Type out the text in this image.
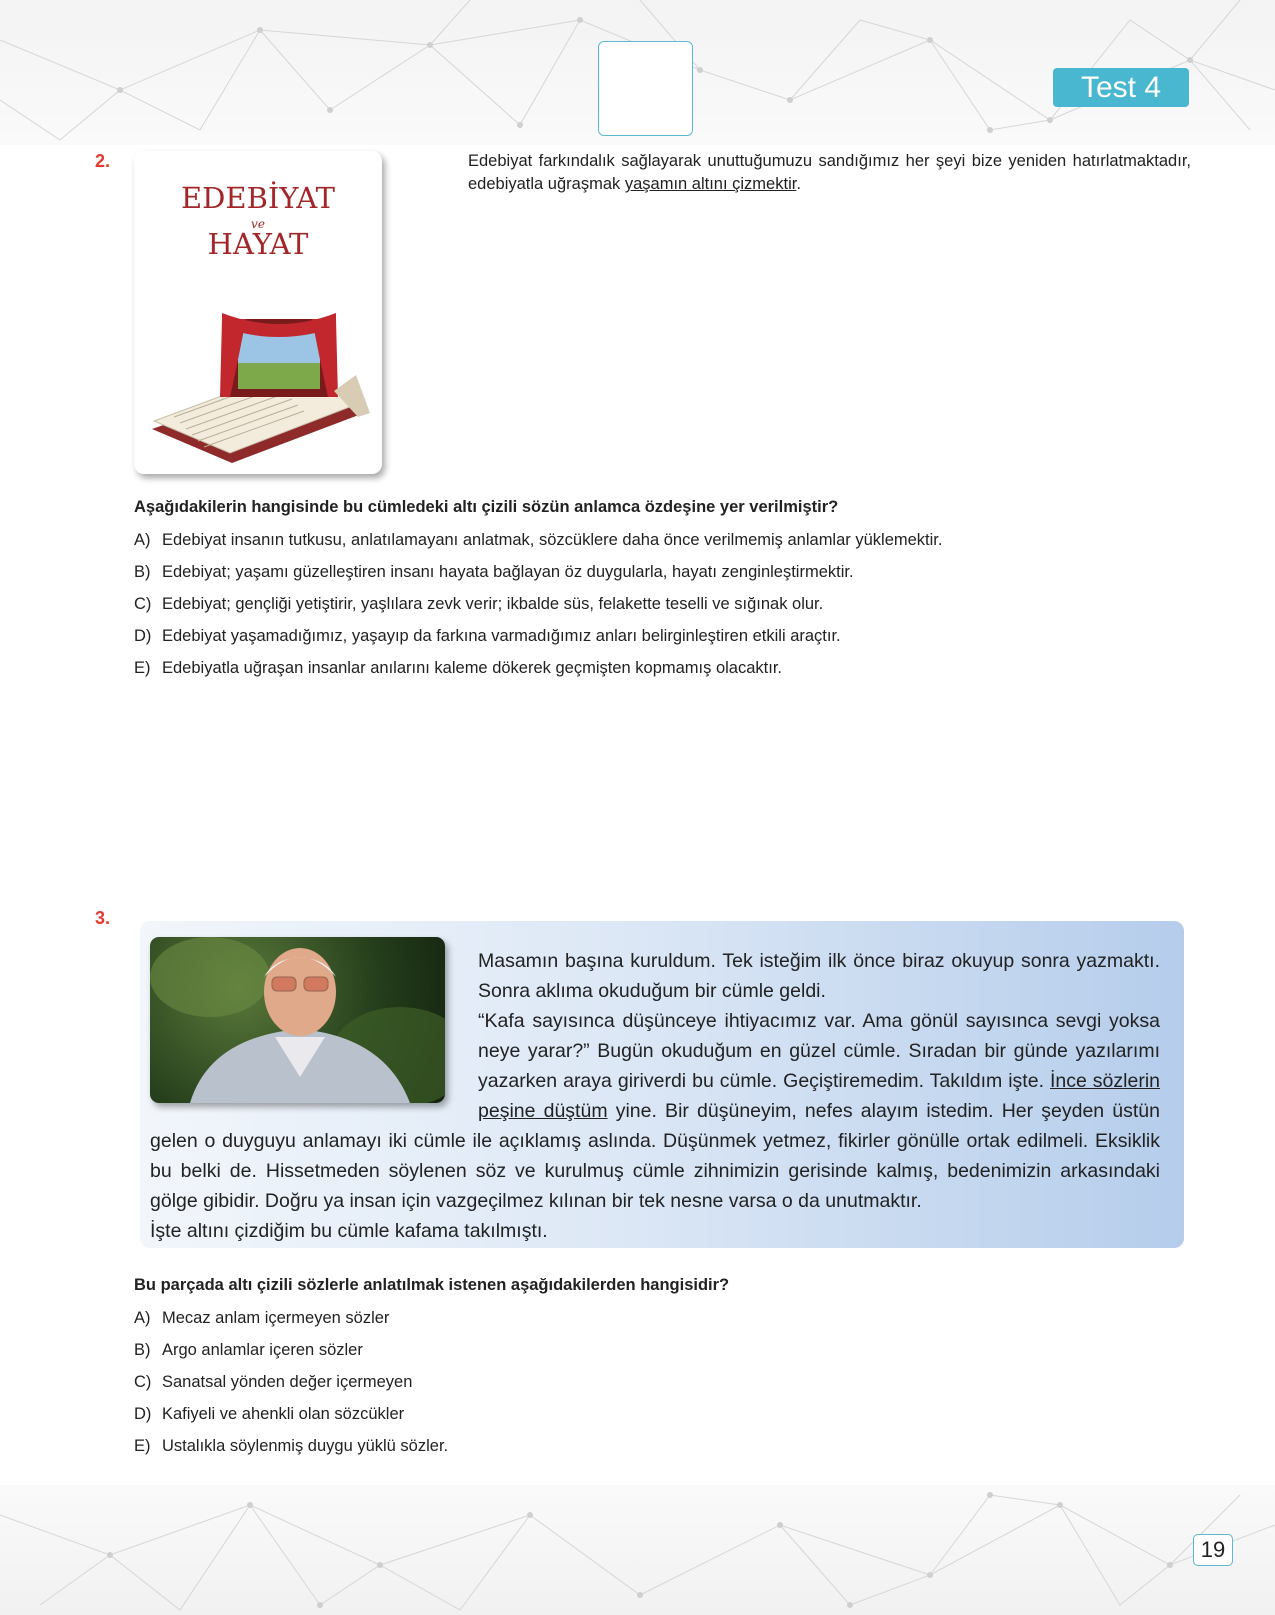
Test 4
2.
EDEBİYAT
ve
HAYAT
Edebiyat farkındalık sağlayarak unuttuğumuzu sandığımız her şeyi bize yeniden hatırlatmaktadır, edebiyatla uğraşmak yaşamın altını çizmektir.
Aşağıdakilerin hangisinde bu cümledeki altı çizili sözün anlamca özdeşine yer verilmiştir?
A) Edebiyat insanın tutkusu, anlatılamayanı anlatmak, sözcüklere daha önce verilmemiş anlamlar yüklemektir.
B) Edebiyat; yaşamı güzelleştiren insanı hayata bağlayan öz duygularla, hayatı zenginleştirmektir.
C) Edebiyat; gençliği yetiştirir, yaşlılara zevk verir; ikbalde süs, felakette teselli ve sığınak olur.
D) Edebiyat yaşamadığımız, yaşayıp da farkına varmadığımız anları belirginleştiren etkili araçtır.
E) Edebiyatla uğraşan insanlar anılarını kaleme dökerek geçmişten kopmamış olacaktır.
3.
Masamın başına kuruldum. Tek isteğim ilk önce biraz okuyup sonra yazmaktı. Sonra aklıma okuduğum bir cümle geldi.
“Kafa sayısınca düşünceye ihtiyacımız var. Ama gönül sayısınca sevgi yoksa neye yarar?” Bugün okuduğum en güzel cümle. Sıradan bir günde yazılarımı yazarken araya giriverdi bu cümle. Geçiştiremedim. Takıldım işte. İnce sözlerin peşine düştüm yine. Bir düşüneyim, nefes alayım istedim. Her şeyden üstün gelen o duyguyu anlamayı iki cümle ile açıklamış aslında. Düşünmek yetmez, fikirler gönülle ortak edilmeli. Eksiklik bu belki de. Hissetmeden söylenen söz ve kurulmuş cümle zihnimizin gerisinde kalmış, bedenimizin arkasındaki gölge gibidir. Doğru ya insan için vazgeçilmez kılınan bir tek nesne varsa o da unutmaktır.
İşte altını çizdiğim bu cümle kafama takılmıştı.
Bu parçada altı çizili sözlerle anlatılmak istenen aşağıdakilerden hangisidir?
A) Mecaz anlam içermeyen sözler
B) Argo anlamlar içeren sözler
C) Sanatsal yönden değer içermeyen
D) Kafiyeli ve ahenkli olan sözcükler
E) Ustalıkla söylenmiş duygu yüklü sözler.
19
